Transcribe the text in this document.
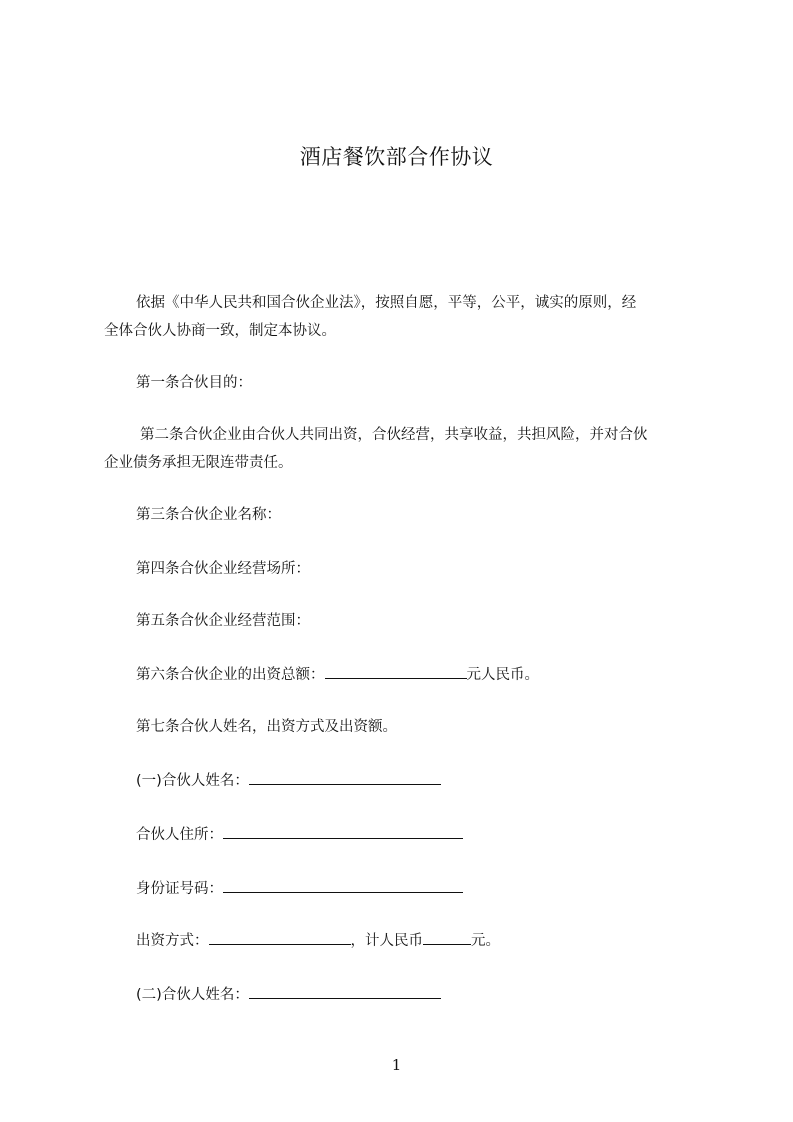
酒店餐饮部合作协议
依据《中华人民共和国合伙企业法》，按照自愿，平等，公平，诚实的原则，经
全体合伙人协商一致，制定本协议。
第一条合伙目的：
第二条合伙企业由合伙人共同出资，合伙经营，共享收益，共担风险，并对合伙
企业债务承担无限连带责任。
第三条合伙企业名称：
第四条合伙企业经营场所：
第五条合伙企业经营范围：
第六条合伙企业的出资总额：	元人民币。
第七条合伙人姓名，出资方式及出资额。
(一)合伙人姓名：
合伙人住所：
身份证号码：
出资方式：	，计人民币	元。
(二)合伙人姓名：
1
